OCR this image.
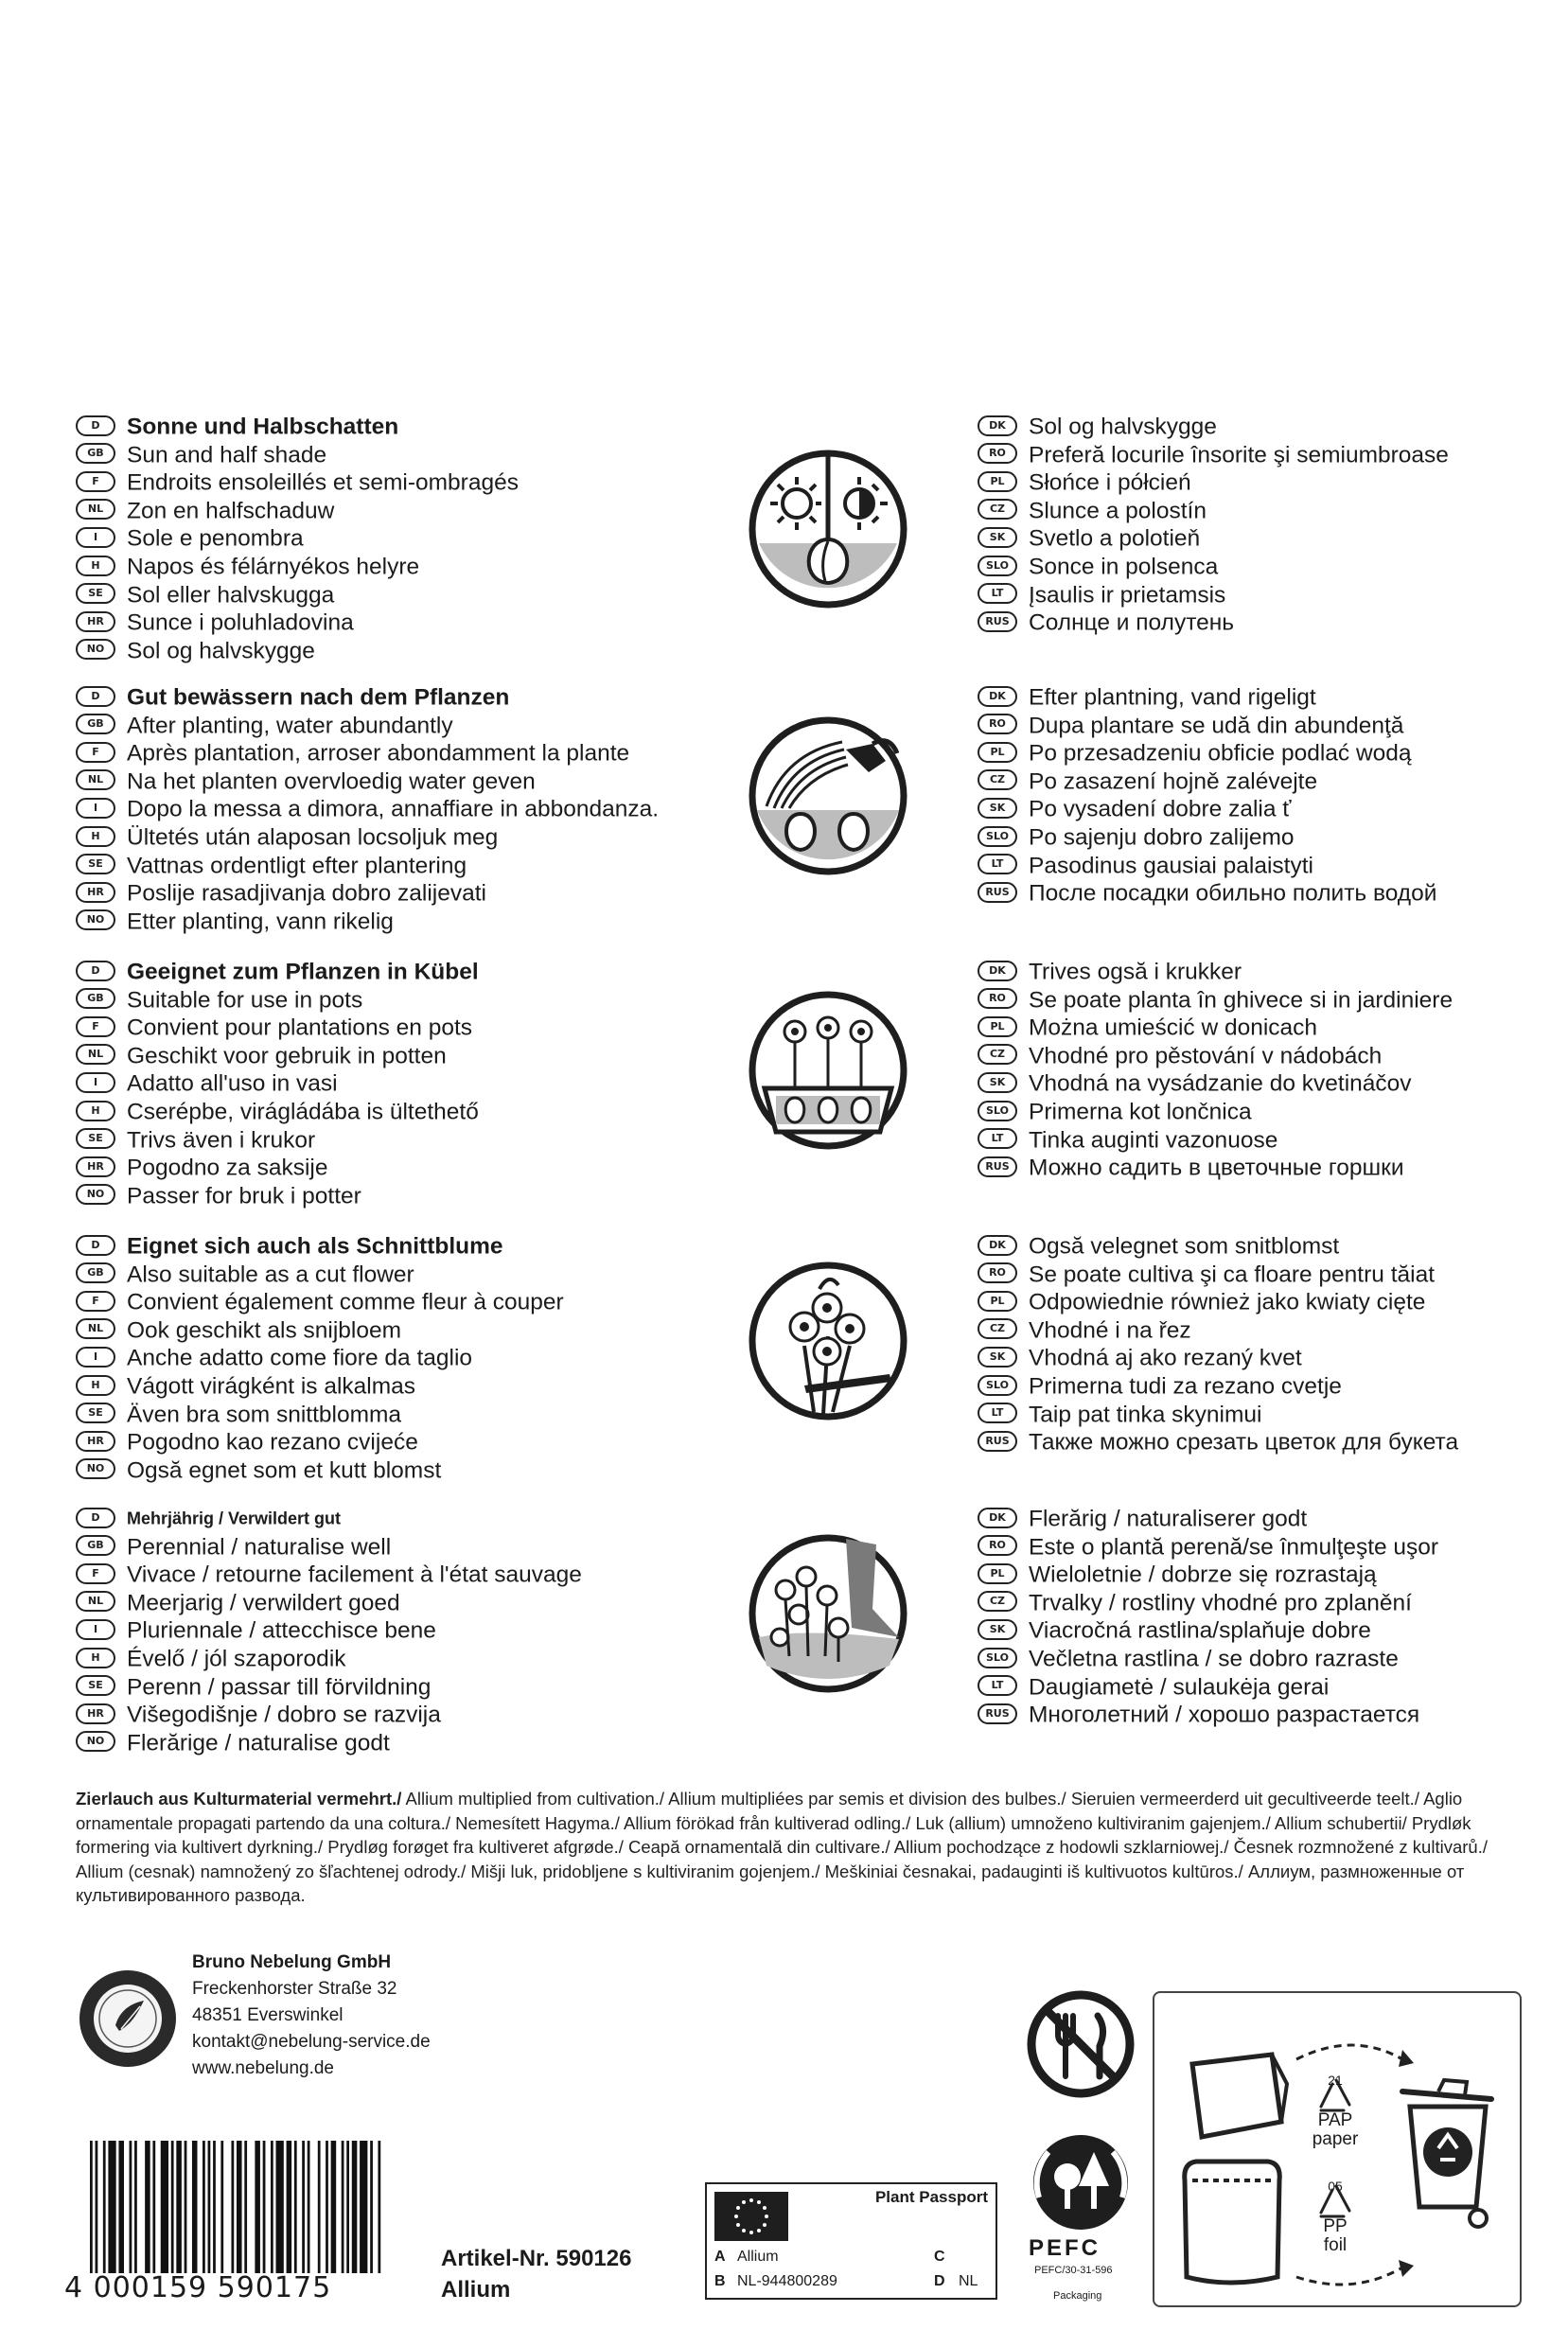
D Sonne und Halbschatten
GB Sun and half shade
F Endroits ensoleillés et semi-ombragés
NL Zon en halfschaduw
I Sole e penombra
H Napos és félárnyékos helyre
SE Sol eller halvskugga
HR Sunce i poluhladovina
NO Sol og halvskygge
DK Sol og halvskygge
RO Preferă locurile însorite şi semiumbroase
PL Słońce i półcień
CZ Slunce a polostín
SK Svetlo a polotieň
SLO Sonce in polsenca
LT Įsaulis ir prietamsis
RUS Солнце и полутень
D Gut bewässern nach dem Pflanzen
GB After planting, water abundantly
F Après plantation, arroser abondamment la plante
NL Na het planten overvloedig water geven
I Dopo la messa a dimora, annaffiare in abbondanza.
H Ültetés után alaposan locsoljuk meg
SE Vattnas ordentligt efter plantering
HR Poslije rasadjivanja dobro zalijevati
NO Etter planting, vann rikelig
DK Efter plantning, vand rigeligt
RO Dupa plantare se udă din abundenţă
PL Po przesadzeniu obficie podlać wodą
CZ Po zasazení hojně zalévejte
SK Po vysadení dobre zalia ť
SLO Po sajenju dobro zalijemo
LT Pasodinus gausiai palaistyti
RUS После посадки обильно полить водой
D Geeignet zum Pflanzen in Kübel
GB Suitable for use in pots
F Convient pour plantations en pots
NL Geschikt voor gebruik in potten
I Adatto all'uso in vasi
H Cserépbe, virágládába is ültethető
SE Trivs även i krukor
HR Pogodno za saksije
NO Passer for bruk i potter
DK Trives ogsă i krukker
RO Se poate planta în ghivece si in jardiniere
PL Można umieścić w donicach
CZ Vhodné pro pěstování v nádobách
SK Vhodná na vysádzanie do kvetináčov
SLO Primerna kot lončnica
LT Tinka auginti vazonuose
RUS Можно садить в цветочные горшки
D Eignet sich auch als Schnittblume
GB Also suitable as a cut flower
F Convient également comme fleur à couper
NL Ook geschikt als snijbloem
I Anche adatto come fiore da taglio
H Vágott virágként is alkalmas
SE Även bra som snittblomma
HR Pogodno kao rezano cvijeće
NO Ogsă egnet som et kutt blomst
DK Ogsă velegnet som snitblomst
RO Se poate cultiva şi ca floare pentru tăiat
PL Odpowiednie również jako kwiaty cięte
CZ Vhodné i na řez
SK Vhodná aj ako rezaný kvet
SLO Primerna tudi za rezano cvetje
LT Taip pat tinka skynimui
RUS Также можно срезать цветок для букета
D Mehrjährig / Verwildert gut
GB Perennial / naturalise well
F Vivace / retourne facilement à l'état sauvage
NL Meerjarig / verwildert goed
I Pluriennale / attecchisce bene
H Évelő / jól szaporodik
SE Perenn / passar till förvildning
HR Višegodišnje / dobro se razvija
NO Flerărige / naturalise godt
DK Flerărig / naturaliserer godt
RO Este o plantă perenă/se înmulţeşte uşor
PL Wieloletnie / dobrze się rozrastają
CZ Trvalky / rostliny vhodné pro zplanění
SK Viacročná rastlina/splaňuje dobre
SLO Večletna rastlina / se dobro razraste
LT Daugiametė / sulaukėja gerai
RUS Многолетний / хорошо разрастается
Zierlauch aus Kulturmaterial vermehrt./ Allium multiplied from cultivation./ Allium multipliées par semis et division des bulbes./ Sieruien vermeerderd uit gecultiveerde teelt./ Aglio ornamentale propagati partendo da una coltura./ Nemesített Hagyma./ Allium förökad från kultiverad odling./ Luk (allium) umnoženo kultiviranim gajenjem./ Allium schubertii/ Prydløk formering via kultivert dyrkning./ Prydløg forøget fra kultiveret afgrøde./ Ceapă ornamentală din cultivare./ Allium pochodzące z hodowli szklarniowej./ Česnek rozmnožené z kultivarů./ Allium (cesnak) namnožený zo šľachtenej odrody./ Mišji luk, pridobljene s kultiviranim gojenjem./ Meškiniai česnakai, padauginti iš kultivuotos kultūros./ Аллиум, размноженные от культивированного развода.
Bruno Nebelung GmbH
Freckenhorster Straße 32
48351 Everswinkel
kontakt@nebelung-service.de
www.nebelung.de
4 000159 590175
Artikel-Nr. 590126
Allium
Plant Passport
A Allium
B NL-944800289
C
D NL
PEFC
PEFC/30-31-596
Packaging
21
PAP
paper
05
PP
foil
